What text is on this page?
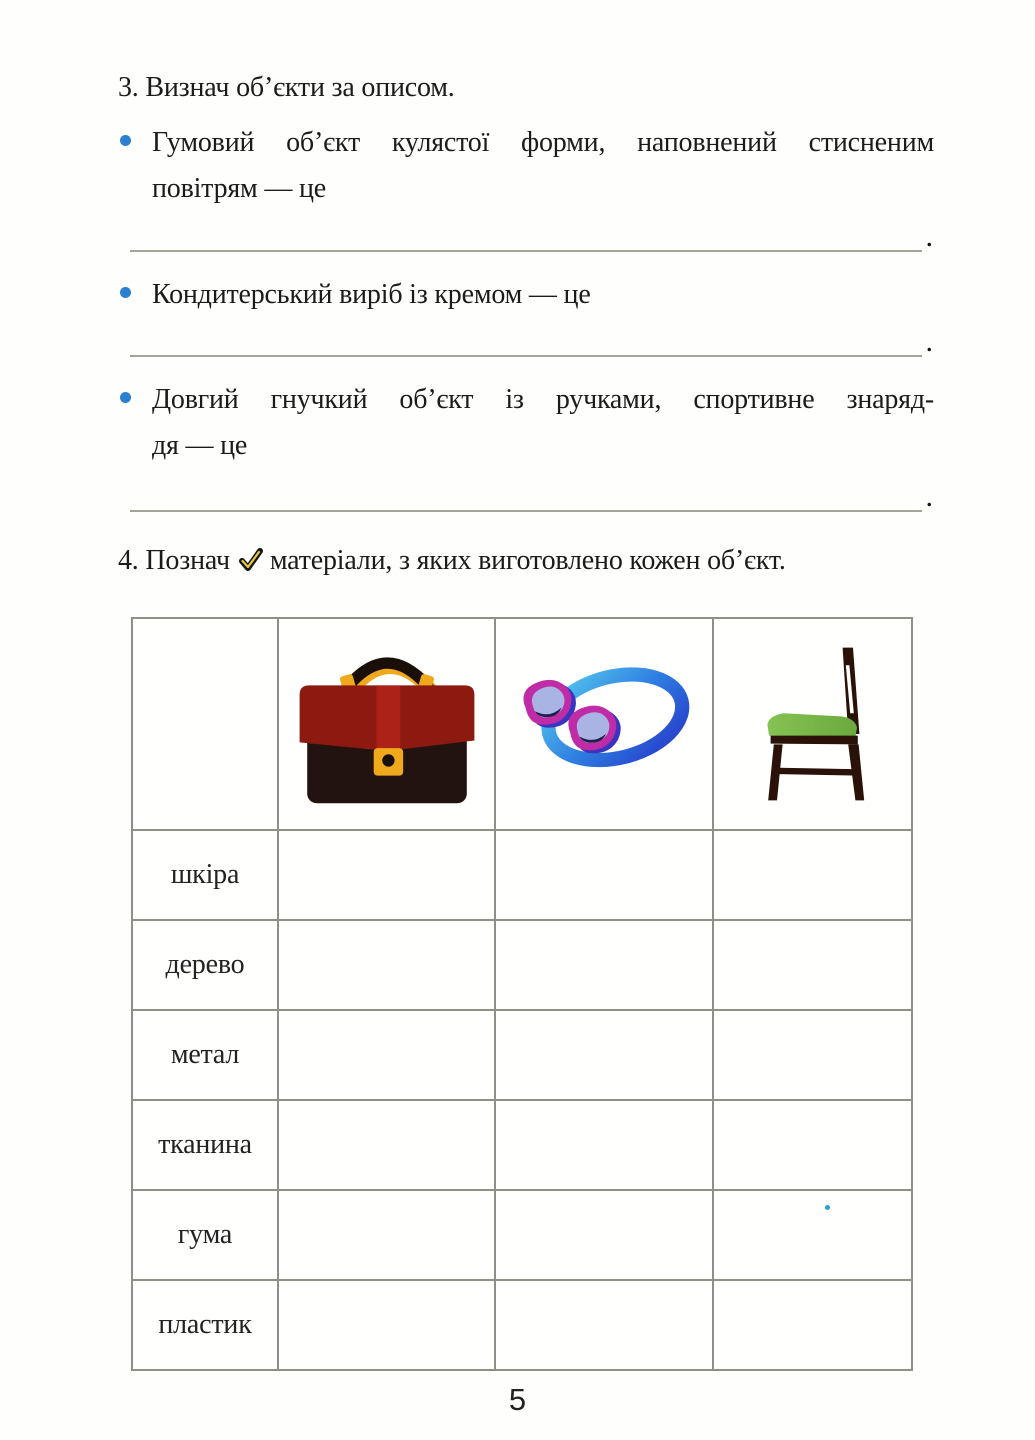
3. Визнач об’єкти за описом.
Гумовий об’єкт кулястої форми, наповнений стисненим
повітрям — це
.
Кондитерський виріб із кремом — це
.
Довгий гнучкий об’єкт із ручками, спортивне знаряд-
дя — це
.
4. Познач матеріали, з яких виготовлено кожен об’єкт.

шкіра			
дерево			
метал			
тканина			
гума			
пластик			
5
